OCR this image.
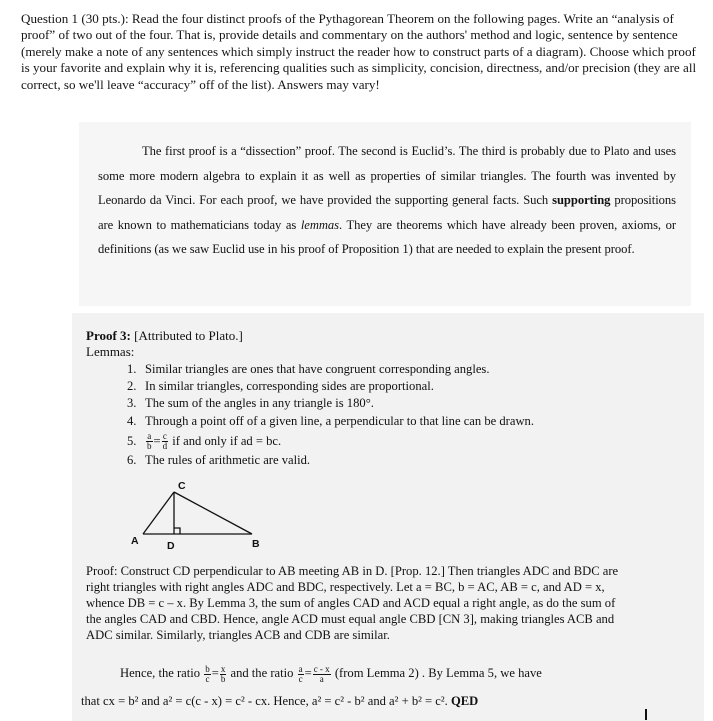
Question 1 (30 pts.): Read the four distinct proofs of the Pythagorean Theorem on the following pages. Write an “analysis of proof” of two out of the four. That is, provide details and commentary on the authors' method and logic, sentence by sentence (merely make a note of any sentences which simply instruct the reader how to construct parts of a diagram). Choose which proof is your favorite and explain why it is, referencing qualities such as simplicity, concision, directness, and/or precision (they are all correct, so we'll leave “accuracy” off of the list). Answers may vary!

The first proof is a “dissection” proof. The second is Euclid’s. The third is probably due to Plato and uses some more modern algebra to explain it as well as properties of similar triangles. The fourth was invented by Leonardo da Vinci. For each proof, we have provided the supporting general facts. Such supporting propositions are known to mathematicians today as lemmas. They are theorems which have already been proven, axioms, or definitions (as we saw Euclid use in his proof of Proposition 1) that are needed to explain the present proof.

Proof 3: [Attributed to Plato.]
Lemmas:
1. Similar triangles are ones that have congruent corresponding angles.
2. In similar triangles, corresponding sides are proportional.
3. The sum of the angles in any triangle is 180°.
4. Through a point off of a given line, a perpendicular to that line can be drawn.
5. $\frac{a}{b} = \frac{c}{d}$ if and only if ad = bc.
6. The rules of arithmetic are valid.
C
A	D	B

Proof: Construct CD perpendicular to AB meeting AB in D. [Prop. 12.] Then triangles ADC and BDC are right triangles with right angles ADC and BDC, respectively. Let a = BC, b = AC, AB = c, and AD = x, whence DB = c – x. By Lemma 3, the sum of angles CAD and ACD equal a right angle, as do the sum of the angles CAD and CBD. Hence, angle ACD must equal angle CBD [CN 3], making triangles ACB and ADC similar. Similarly, triangles ACB and CDB are similar.

Hence, the ratio $\frac{b}{c} = \frac{x}{b}$ and the ratio $\frac{a}{c} = \frac{c - x}{a}$ (from Lemma 2) . By Lemma 5, we have
that cx = b² and a² = c(c - x) = c² - cx. Hence, a² = c² - b² and a² + b² = c². QED
